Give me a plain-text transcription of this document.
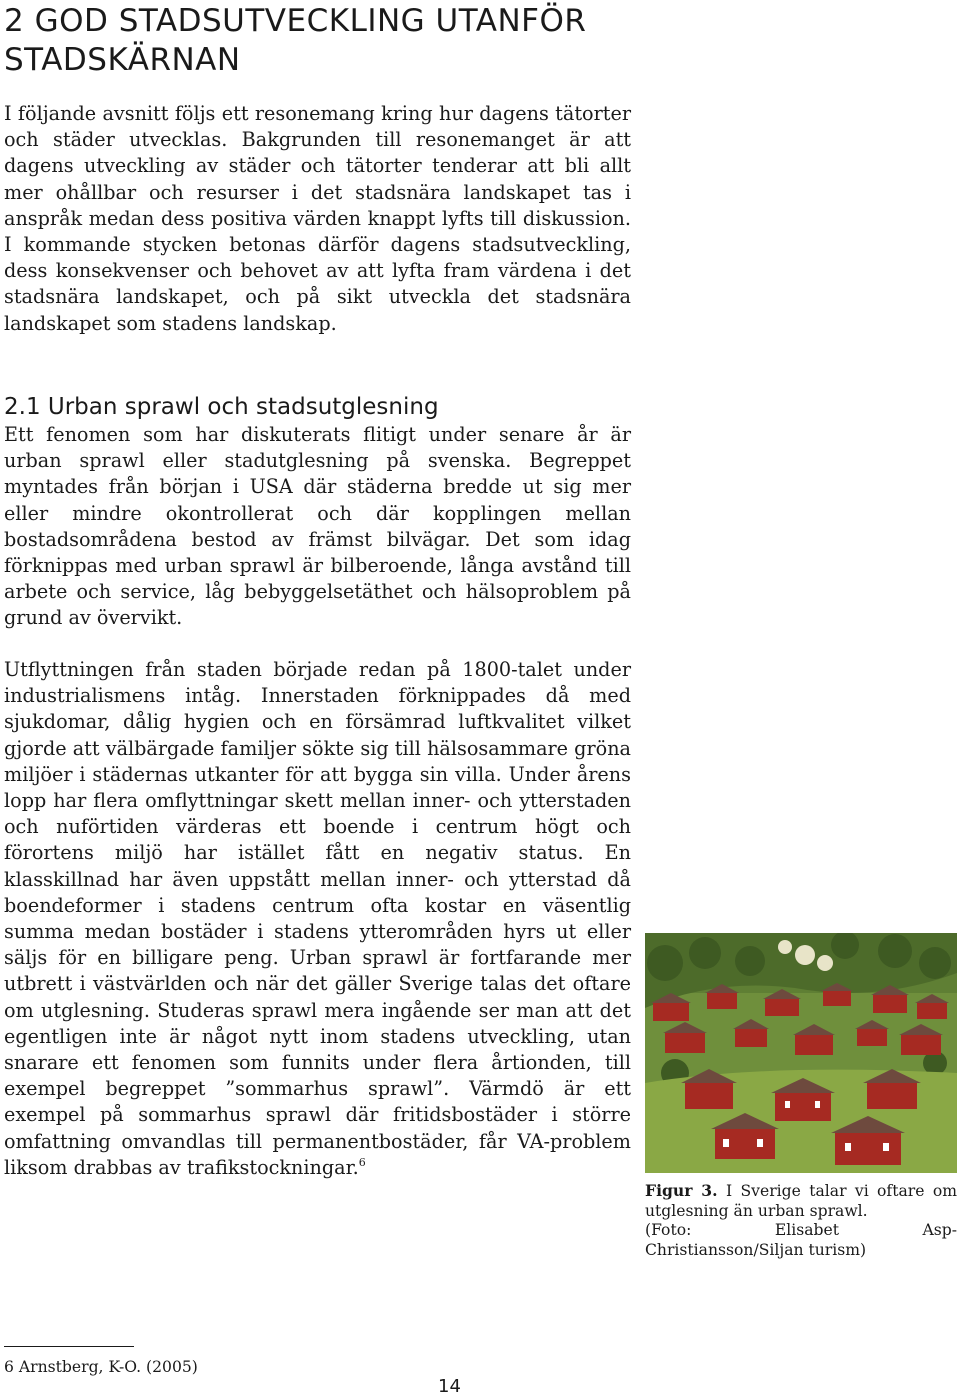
2 GOD STADSUTVECKLING UTANFÖR
STADSKÄRNAN

I följande avsnitt följs ett resonemang kring hur dagens tätorter och städer utvecklas. Bakgrunden till resonemanget är att dagens utveckling av städer och tätorter tenderar att bli allt mer ohållbar och resurser i det stadsnära landskapet tas i anspråk medan dess positiva värden knappt lyfts till diskussion. I kommande stycken betonas därför dagens stadsutveckling, dess konsekvenser och behovet av att lyfta fram värdena i det stadsnära landskapet, och på sikt utveckla det stadsnära landskapet som stadens landskap.

2.1 Urban sprawl och stadsutglesning

Ett fenomen som har diskuterats flitigt under senare år är urban sprawl eller stadutglesning på svenska. Begreppet myntades från början i USA där städerna bredde ut sig mer eller mindre okontrollerat och där kopplingen mellan bostadsområdena bestod av främst bilvägar. Det som idag förknippas med urban sprawl är bilberoende, långa avstånd till arbete och service, låg bebyggelsetäthet och hälsoproblem på grund av övervikt.

Utflyttningen från staden började redan på 1800-talet under industrialismens intåg. Innerstaden förknippades då med sjukdomar, dålig hygien och en försämrad luftkvalitet vilket gjorde att välbärgade familjer sökte sig till hälsosammare gröna miljöer i städernas utkanter för att bygga sin villa. Under årens lopp har flera omflyttningar skett mellan inner- och ytterstaden och nuförtiden värderas ett boende i centrum högt och förortens miljö har istället fått en negativ status. En klasskillnad har även uppstått mellan inner- och ytterstad då boendeformer i stadens centrum ofta kostar en väsentlig summa medan bostäder i stadens ytterområden hyrs ut eller säljs för en billigare peng. Urban sprawl är fortfarande mer utbrett i västvärlden och när det gäller Sverige talas det oftare om utglesning. Studeras sprawl mera ingående ser man att det egentligen inte är något nytt inom stadens utveckling, utan snarare ett fenomen som funnits under flera årtionden, till exempel begreppet ”sommarhus sprawl”. Värmdö är ett exempel på sommarhus sprawl där fritidsbostäder i större omfattning omvandlas till permanentbostäder, får VA-problem liksom drabbas av trafikstockningar.$^6$

Figur 3. I Sverige talar vi oftare om utglesning än urban sprawl.
(Foto: Elisabet Asp-Christiansson/Siljan turism)

6 Arnstberg, K-O. (2005)

14
